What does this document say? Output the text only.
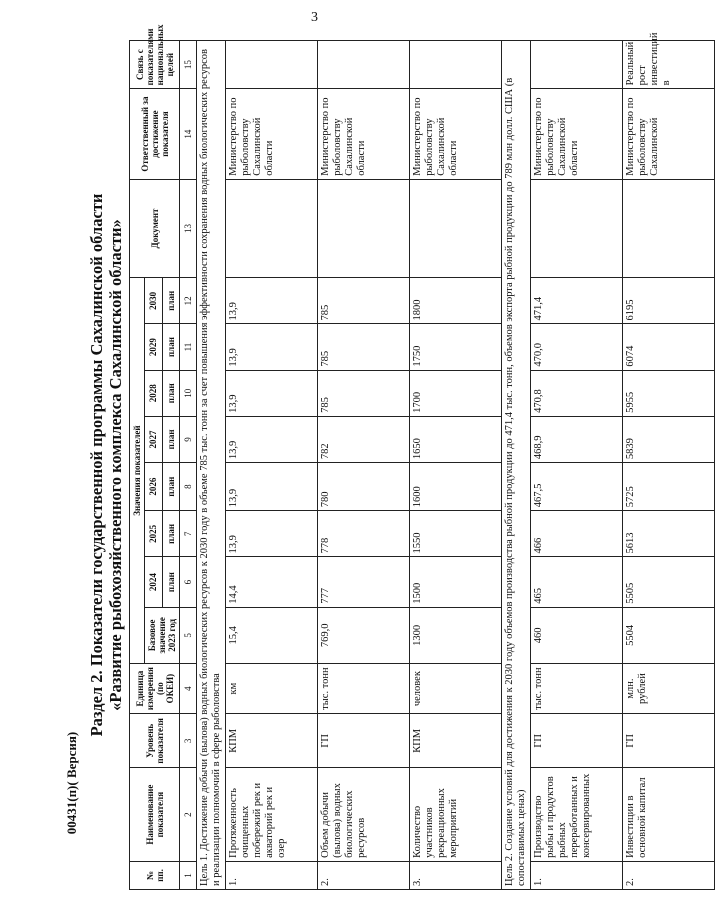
3
Раздел 2. Показатели государственной программы Сахалинской области «Развитие рыбохозяйственного комплекса Сахалинской области»
№ пп.	Наименование показателя	Уровень показателя	Единица измерения (по ОКЕИ)	Значения показателей								Документ	Ответственный за достижение показателя	Связь с показателями национальных целей
				Базовое значение 2023 год	2024	2025	2026	2027	2028	2029	2030			
					план	план	план	план	план	план	план			
1	2	3	4	5	6	7	8	9	10	11	12	13	14	15
Цель 1. Достижение добычи (вылова) водных биологических ресурсов к 2030 году в объеме 785 тыс. тонн за счет повышения эффективности сохранения водных биологических ресурсов и реализации полномочий в сфере рыболовства														
1.	Протяженность очищенных побережий рек и акваторий рек и озер	КПМ	км	15,4	14,4	13,9	13,9	13,9	13,9	13,9	13,9		Министерство по рыболовству Сахалинской области	
2.	Объем добычи (вылова) водных биологических ресурсов	ГП	тыс. тонн	769,0	777	778	780	782	785	785	785		Министерство по рыболовству Сахалинской области	
3.	Количество участников рекреационных мероприятий	КПМ	человек	1300	1500	1550	1600	1650	1700	1750	1800		Министерство по рыболовству Сахалинской области	
Цель 2. Создание условий для достижения к 2030 году объемов производства рыбной продукции до 471,4 тыс. тонн, объемов экспорта рыбной продукции до 789 млн долл. США (в сопоставимых ценах)														
1.	Производство рыбы и продуктов рыбных переработанных и консервированных	ГП	тыс. тонн	460	465	466	467,5	468,9	470,8	470,0	471,4		Министерство по рыболовству Сахалинской области	
2.	Инвестиции в основной капитал	ГП	млн. рублей	5504	5505	5613	5725	5839	5955	6074	6195		Министерство по рыболовству Сахалинской	Реальный рост инвестиций в
00431(п)( Версия)
